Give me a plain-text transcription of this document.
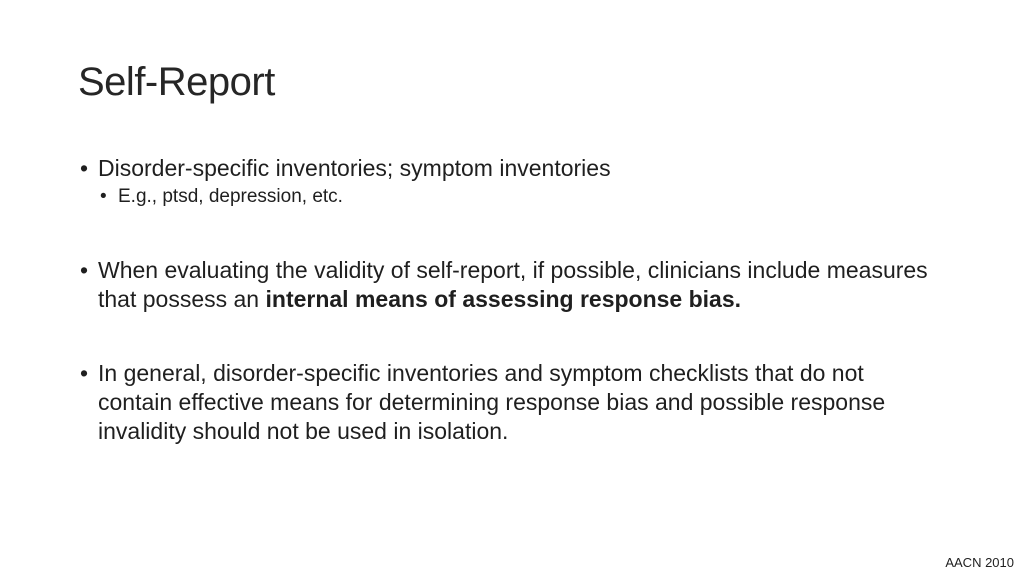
Self-Report
• Disorder-specific inventories; symptom inventories
• E.g., ptsd, depression, etc.
• When evaluating the validity of self-report, if possible, clinicians include measures that possess an internal means of assessing response bias.
• In general, disorder-specific inventories and symptom checklists that do not contain effective means for determining response bias and possible response invalidity should not be used in isolation.
AACN 2010
